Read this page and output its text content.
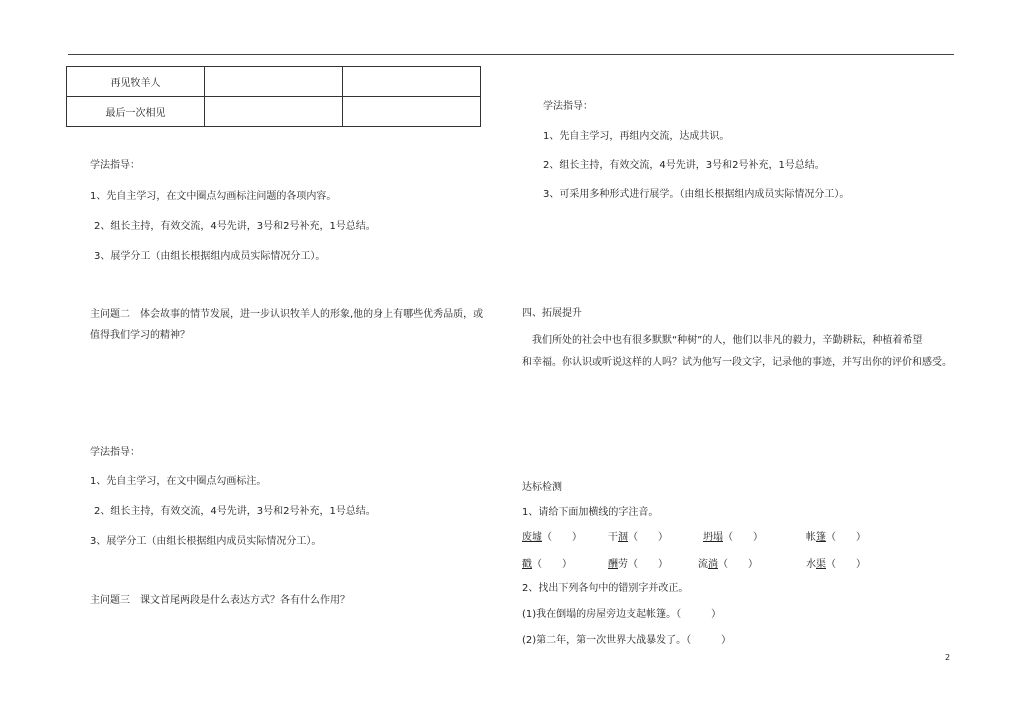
再见牧羊人		
最后一次相见		
学法指导：
1、先自主学习，在文中圈点勾画标注问题的各项内容。
2、组长主持，有效交流，4号先讲，3号和2号补充，1号总结。
3、展学分工（由组长根据组内成员实际情况分工）。
主问题二　体会故事的情节发展，进一步认识牧羊人的形象,他的身上有哪些优秀品质，或
值得我们学习的精神？
学法指导：
1、先自主学习，在文中圈点勾画标注。
2、组长主持，有效交流，4号先讲，3号和2号补充，1号总结。
3、展学分工（由组长根据组内成员实际情况分工）。
主问题三　课文首尾两段是什么表达方式？各有什么作用？
学法指导：
1、先自主学习，再组内交流，达成共识。
2、组长主持，有效交流，4号先讲，3号和2号补充，1号总结。
3、可采用多种形式进行展学。（由组长根据组内成员实际情况分工）。
四、拓展提升
我们所处的社会中也有很多默默“种树”的人，他们以非凡的毅力，辛勤耕耘，种植着希望
和幸福。你认识或听说这样的人吗？试为他写一段文字，记录他的事迹，并写出你的评价和感受。
达标检测
1、请给下面加横线的字注音。
废墟（　　）	干涸（　　）	坍塌（　　）	帐篷（　　）
戳（　　）	酬劳（　　）	流淌（　　）	水渠（　　）
2、找出下列各句中的错别字并改正。
(1)我在倒塌的房屋旁边支起帐篷。（　　　）
(2)第二年，第一次世界大战暴发了。（　　　）
2
